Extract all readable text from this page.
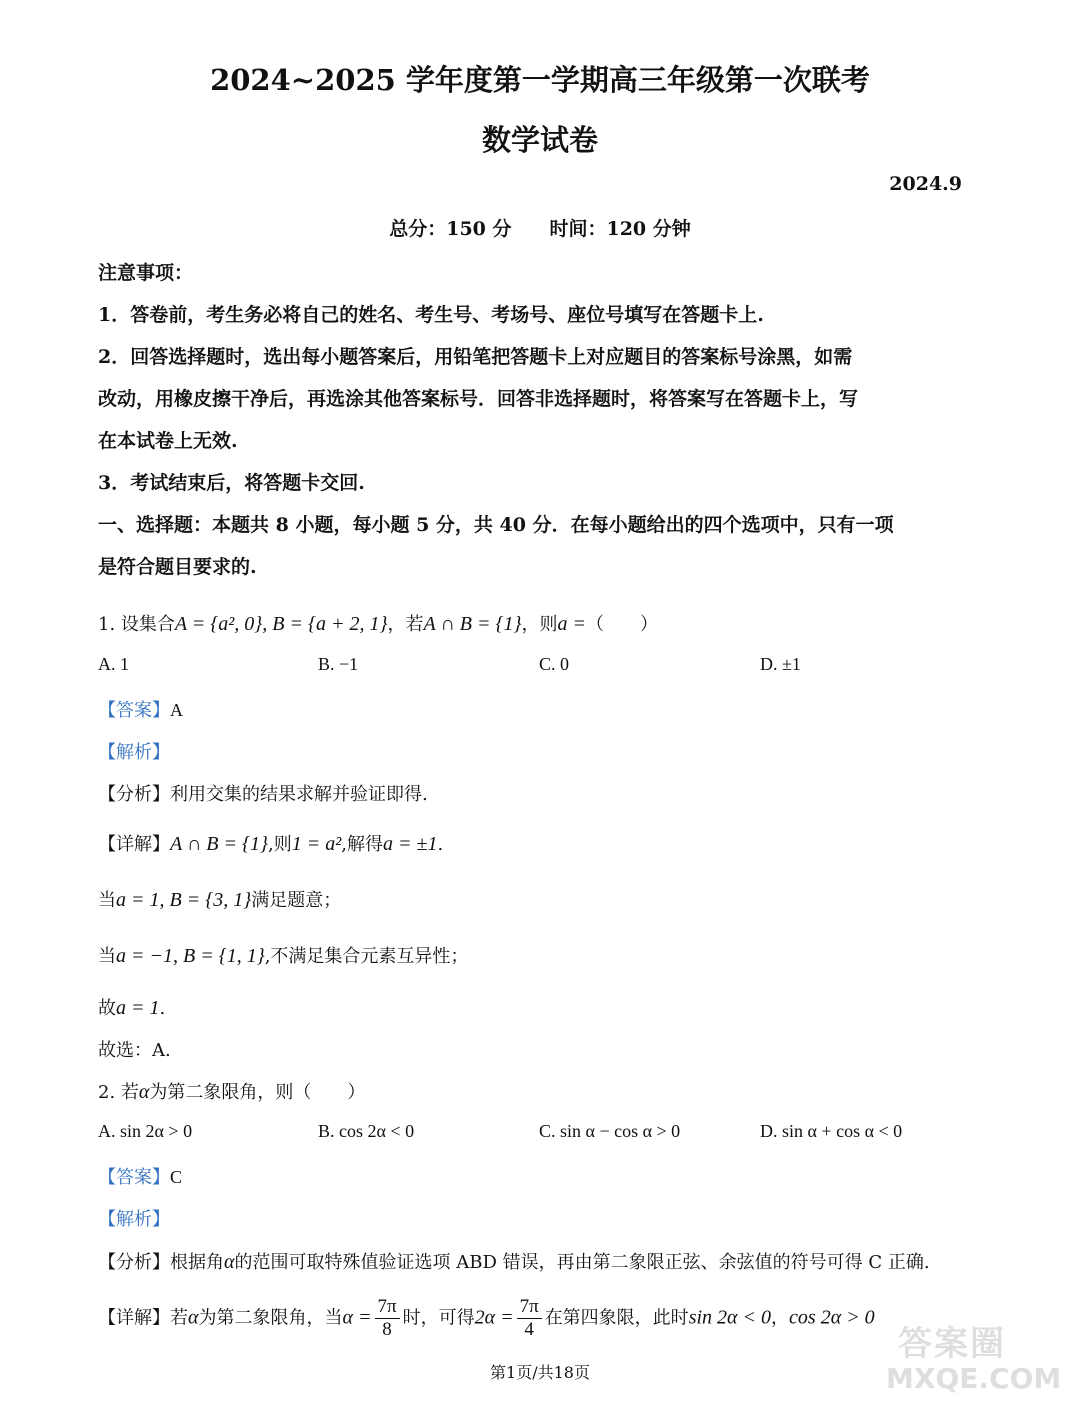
2024~2025 学年度第一学期高三年级第一次联考
数学试卷
2024.9
总分：150 分　　时间：120 分钟
注意事项：
1．答卷前，考生务必将自己的姓名、考生号、考场号、座位号填写在答题卡上.
2．回答选择题时，选出每小题答案后，用铅笔把答题卡上对应题目的答案标号涂黑，如需
改动，用橡皮擦干净后，再选涂其他答案标号．回答非选择题时，将答案写在答题卡上，写
在本试卷上无效.
3．考试结束后，将答题卡交回.
一、选择题：本题共 8 小题，每小题 5 分，共 40 分．在每小题给出的四个选项中，只有一项
是符合题目要求的.
1. 设集合A = {a², 0}, B = {a + 2, 1}，若A ∩ B = {1}，则a =（　　）
A. 1	B. −1	C. 0	D. ±1
【答案】A
【解析】
【分析】利用交集的结果求解并验证即得.
【详解】A ∩ B = {1},则1 = a²,解得a = ±1.
当a = 1, B = {3, 1}满足题意；
当a = −1, B = {1, 1},不满足集合元素互异性；
故a = 1.
故选：A.
2. 若α为第二象限角，则（　　）
A. sin 2α > 0	B. cos 2α < 0	C. sin α − cos α > 0	D. sin α + cos α < 0
【答案】C
【解析】
【分析】根据角α的范围可取特殊值验证选项 ABD 错误，再由第二象限正弦、余弦值的符号可得 C 正确.
【详解】若α为第二象限角，当$\alpha = \frac{7\pi}{8}$ 时，可得$2\alpha = \frac{7\pi}{4}$ 在第四象限，此时sin 2α < 0，cos 2α > 0
第1页/共18页
答案圈
MXQE.COM
